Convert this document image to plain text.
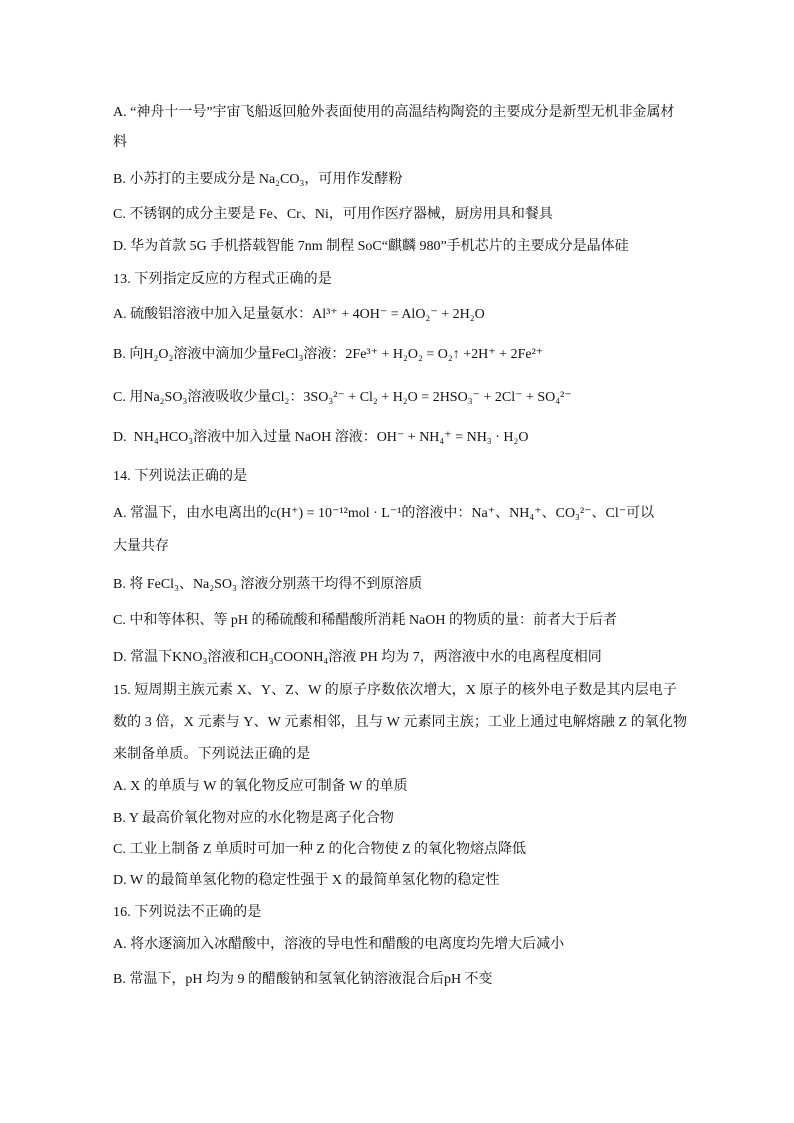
A. “神舟十一号”宇宙飞船返回舱外表面使用的高温结构陶瓷的主要成分是新型无机非金属材
料
B. 小苏打的主要成分是 Na₂CO₃，可用作发酵粉
C. 不锈钢的成分主要是 Fe、Cr、Ni，可用作医疗器械，厨房用具和餐具
D. 华为首款 5G 手机搭载智能 7nm 制程 SoC“麒麟 980”手机芯片的主要成分是晶体硅
13. 下列指定反应的方程式正确的是
A. 硫酸铝溶液中加入足量氨水：Al³⁺ + 4OH⁻ = AlO₂⁻ + 2H₂O
B. 向H₂O₂溶液中滴加少量FeCl₃溶液：2Fe³⁺ + H₂O₂ = O₂↑ +2H⁺ + 2Fe²⁺
C. 用Na₂SO₃溶液吸收少量Cl₂：3SO₃²⁻ + Cl₂ + H₂O = 2HSO₃⁻ + 2Cl⁻ + SO₄²⁻
D.  NH₄HCO₃溶液中加入过量 NaOH 溶液：OH⁻ + NH₄⁺ = NH₃ · H₂O
14. 下列说法正确的是
A. 常温下，由水电离出的c(H⁺) = 10⁻¹²mol · L⁻¹的溶液中：Na⁺、NH₄⁺、CO₃²⁻、Cl⁻可以
大量共存
B. 将 FeCl₃、Na₂SO₃ 溶液分别蒸干均得不到原溶质
C. 中和等体积、等 pH 的稀硫酸和稀醋酸所消耗 NaOH 的物质的量：前者大于后者
D. 常温下KNO₃溶液和CH₃COONH₄溶液 PH 均为 7，两溶液中水的电离程度相同
15. 短周期主族元素 X、Y、Z、W 的原子序数依次增大，X 原子的核外电子数是其内层电子
数的 3 倍，X 元素与 Y、W 元素相邻，且与 W 元素同主族；工业上通过电解熔融 Z 的氧化物
来制备单质。下列说法正确的是
A. X 的单质与 W 的氧化物反应可制备 W 的单质
B. Y 最高价氧化物对应的水化物是离子化合物
C. 工业上制备 Z 单质时可加一种 Z 的化合物使 Z 的氧化物熔点降低
D. W 的最简单氢化物的稳定性强于 X 的最简单氢化物的稳定性
16. 下列说法不正确的是
A. 将水逐滴加入冰醋酸中，溶液的导电性和醋酸的电离度均先增大后减小
B. 常温下，pH 均为 9 的醋酸钠和氢氧化钠溶液混合后pH 不变
